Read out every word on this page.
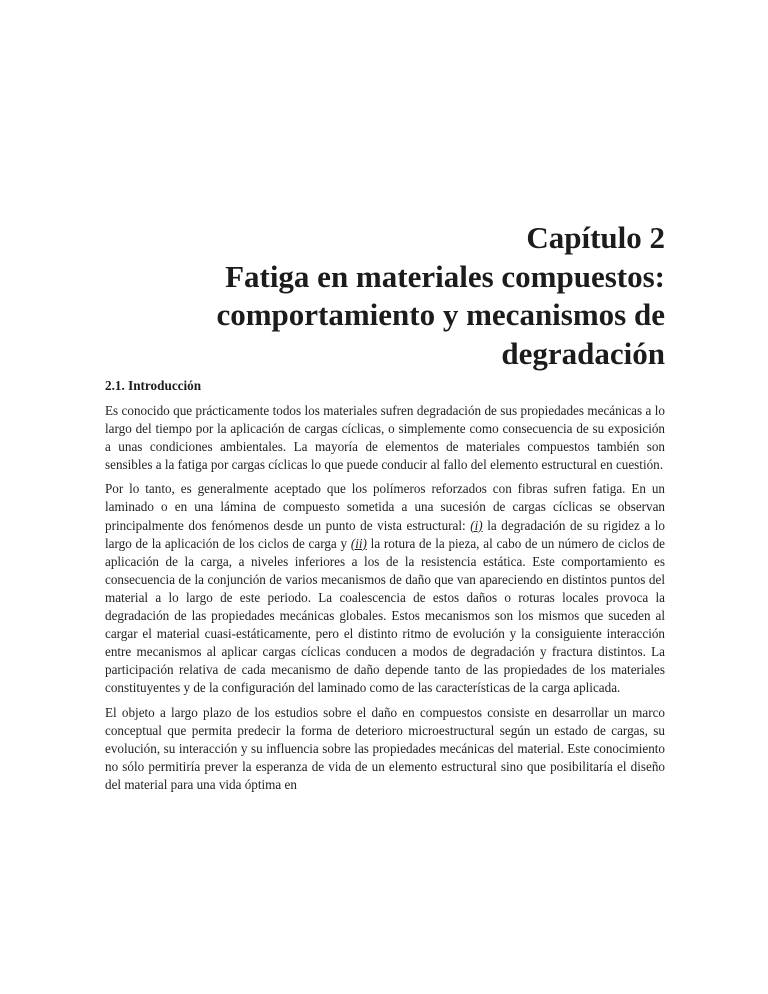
Capítulo 2
Fatiga en materiales compuestos:
comportamiento y mecanismos de
degradación
2.1. Introducción

Es conocido que prácticamente todos los materiales sufren degradación de sus propiedades mecánicas a lo largo del tiempo por la aplicación de cargas cíclicas, o simplemente como consecuencia de su exposición a unas condiciones ambientales. La mayoría de elementos de materiales compuestos también son sensibles a la fatiga por cargas cíclicas lo que puede conducir al fallo del elemento estructural en cuestión.

Por lo tanto, es generalmente aceptado que los polímeros reforzados con fibras sufren fatiga. En un laminado o en una lámina de compuesto sometida a una sucesión de cargas cíclicas se observan principalmente dos fenómenos desde un punto de vista estructural: (i) la degradación de su rigidez a lo largo de la aplicación de los ciclos de carga y (ii) la rotura de la pieza, al cabo de un número de ciclos de aplicación de la carga, a niveles inferiores a los de la resistencia estática. Este comportamiento es consecuencia de la conjunción de varios mecanismos de daño que van apareciendo en distintos puntos del material a lo largo de este periodo. La coalescencia de estos daños o roturas locales provoca la degradación de las propiedades mecánicas globales. Estos mecanismos son los mismos que suceden al cargar el material cuasi-estáticamente, pero el distinto ritmo de evolución y la consiguiente interacción entre mecanismos al aplicar cargas cíclicas conducen a modos de degradación y fractura distintos. La participación relativa de cada mecanismo de daño depende tanto de las propiedades de los materiales constituyentes y de la configuración del laminado como de las características de la carga aplicada.

El objeto a largo plazo de los estudios sobre el daño en compuestos consiste en desarrollar un marco conceptual que permita predecir la forma de deterioro microestructural según un estado de cargas, su evolución, su interacción y su influencia sobre las propiedades mecánicas del material. Este conocimiento no sólo permitiría prever la esperanza de vida de un elemento estructural sino que posibilitaría el diseño del material para una vida óptima en
